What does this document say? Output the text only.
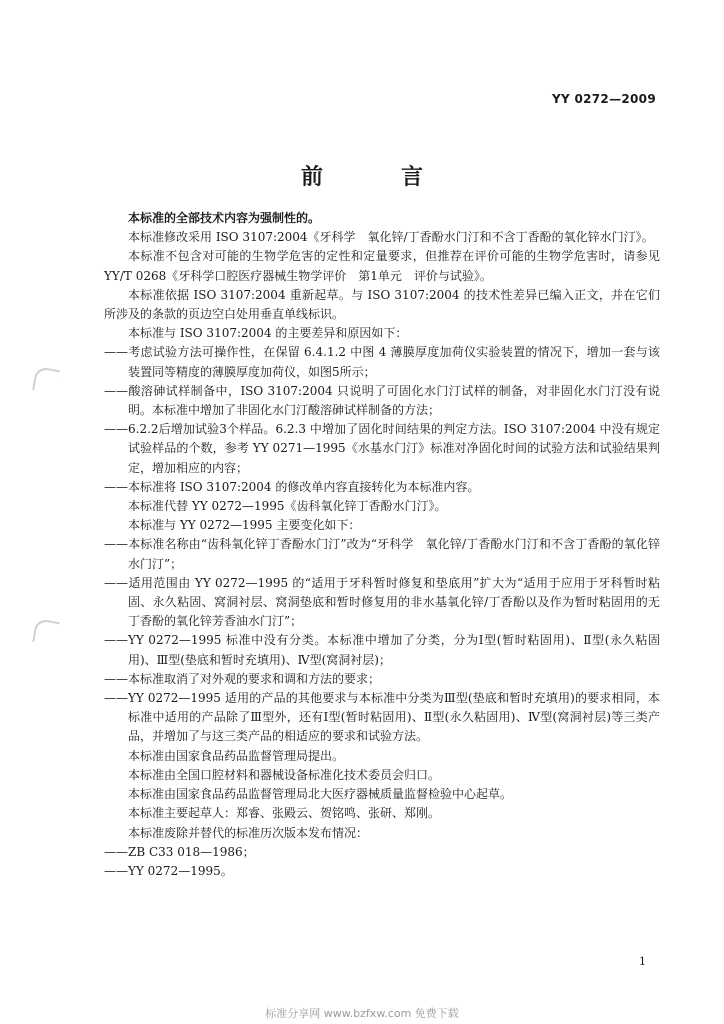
YY 0272—2009
前　言

本标准的全部技术内容为强制性的。

本标准修改采用 ISO 3107:2004《牙科学　氧化锌/丁香酚水门汀和不含丁香酚的氧化锌水门汀》。

本标准不包含对可能的生物学危害的定性和定量要求，但推荐在评价可能的生物学危害时，请参见YY/T 0268《牙科学口腔医疗器械生物学评价　第1单元　评价与试验》。

本标准依据 ISO 3107:2004 重新起草。与 ISO 3107:2004 的技术性差异已编入正文，并在它们所涉及的条款的页边空白处用垂直单线标识。

本标准与 ISO 3107:2004 的主要差异和原因如下：

——考虑试验方法可操作性，在保留 6.4.1.2 中图 4 薄膜厚度加荷仪实验装置的情况下，增加一套与该装置同等精度的薄膜厚度加荷仪，如图5所示；

——酸溶砷试样制备中，ISO 3107:2004 只说明了可固化水门汀试样的制备，对非固化水门汀没有说明。本标准中增加了非固化水门汀酸溶砷试样制备的方法；

——6.2.2后增加试验3个样品。6.2.3 中增加了固化时间结果的判定方法。ISO 3107:2004 中没有规定试验样品的个数，参考 YY 0271—1995《水基水门汀》标准对净固化时间的试验方法和试验结果判定，增加相应的内容；

——本标准将 ISO 3107:2004 的修改单内容直接转化为本标准内容。

本标准代替 YY 0272—1995《齿科氧化锌丁香酚水门汀》。

本标准与 YY 0272—1995 主要变化如下：

——本标准名称由“齿科氧化锌丁香酚水门汀”改为“牙科学　氧化锌/丁香酚水门汀和不含丁香酚的氧化锌水门汀”；

——适用范围由 YY 0272—1995 的“适用于牙科暂时修复和垫底用”扩大为“适用于应用于牙科暂时粘固、永久粘固、窝洞衬层、窝洞垫底和暂时修复用的非水基氧化锌/丁香酚以及作为暂时粘固用的无丁香酚的氧化锌芳香油水门汀”；

——YY 0272—1995 标准中没有分类。本标准中增加了分类，分为Ⅰ型(暂时粘固用)、Ⅱ型(永久粘固用)、Ⅲ型(垫底和暂时充填用)、Ⅳ型(窝洞衬层)；

——本标准取消了对外观的要求和调和方法的要求；

——YY 0272—1995 适用的产品的其他要求与本标准中分类为Ⅲ型(垫底和暂时充填用)的要求相同，本标准中适用的产品除了Ⅲ型外，还有Ⅰ型(暂时粘固用)、Ⅱ型(永久粘固用)、Ⅳ型(窝洞衬层)等三类产品，并增加了与这三类产品的相适应的要求和试验方法。

本标准由国家食品药品监督管理局提出。

本标准由全国口腔材料和器械设备标准化技术委员会归口。

本标准由国家食品药品监督管理局北大医疗器械质量监督检验中心起草。

本标准主要起草人：郑睿、张殿云、贺铭鸣、张研、郑刚。

本标准废除并替代的标准历次版本发布情况：

——ZB C33 018—1986；

——YY 0272—1995。

1
标准分享网 www.bzfxw.com 免费下载
